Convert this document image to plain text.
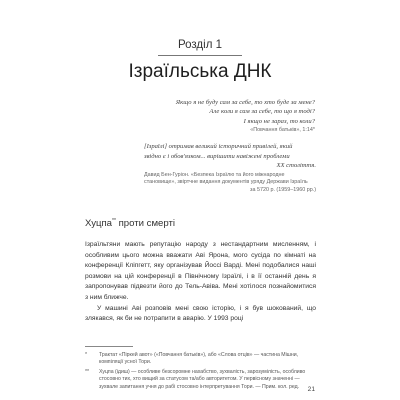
Розділ 1
Ізраїльська ДНК
Якщо я не буду сам за себе, то хто буде за мене?
Але коли я сам за себе, то що я тоді?
І якщо не зараз, то коли?
«Повчання батьків», 1:14*
[Ізраїлі] отримав великий історичний привілей, який
звідно є і обов'язком... вирішити навіжені проблеми
XX століття.
Давид Бен-Гуріон. «Безпека Ізраїлю та його міжнародне
становище», звіртчне видання документів уряду Держави Ізраїль
за 5720 р. (1959–1960 рр.)
Хуцпа** проти смерті

Ізраїльтяни мають репутацію народу з нестандартним мисленням, і особливим цього можна вважати Аві Ярона, мого сусіда по кімнаті на конференції Кліпгетт, яку організував Йоссі Варді. Мені подобалися наші розмови на цій конференції в Північному Ізраїлі, і в її останній день я запропонував підвезти його до Тель-Авіва. Мені хотілося познайомитися з ним ближче.

У машині Аві розповів мені свою історію, і я був шокований, що злякався, як би не потрапити в аварію. У 1993 році

*	Трактат «Піркей авот» («Повчання батьків»), або «Слова отців» — частина Мішни, компіляції усної Тори.
**	Хуцпа (ідиш) — особливе безсоромне нахабство, зухвалість, зарозумілість, особливо стосовно тих, хто вищий за статусом та/або авторитетом. У первісному значенні — зухвале запитання учня до рабі стосовно інтерпретування Тори. — Прим. кол. ред.	21
